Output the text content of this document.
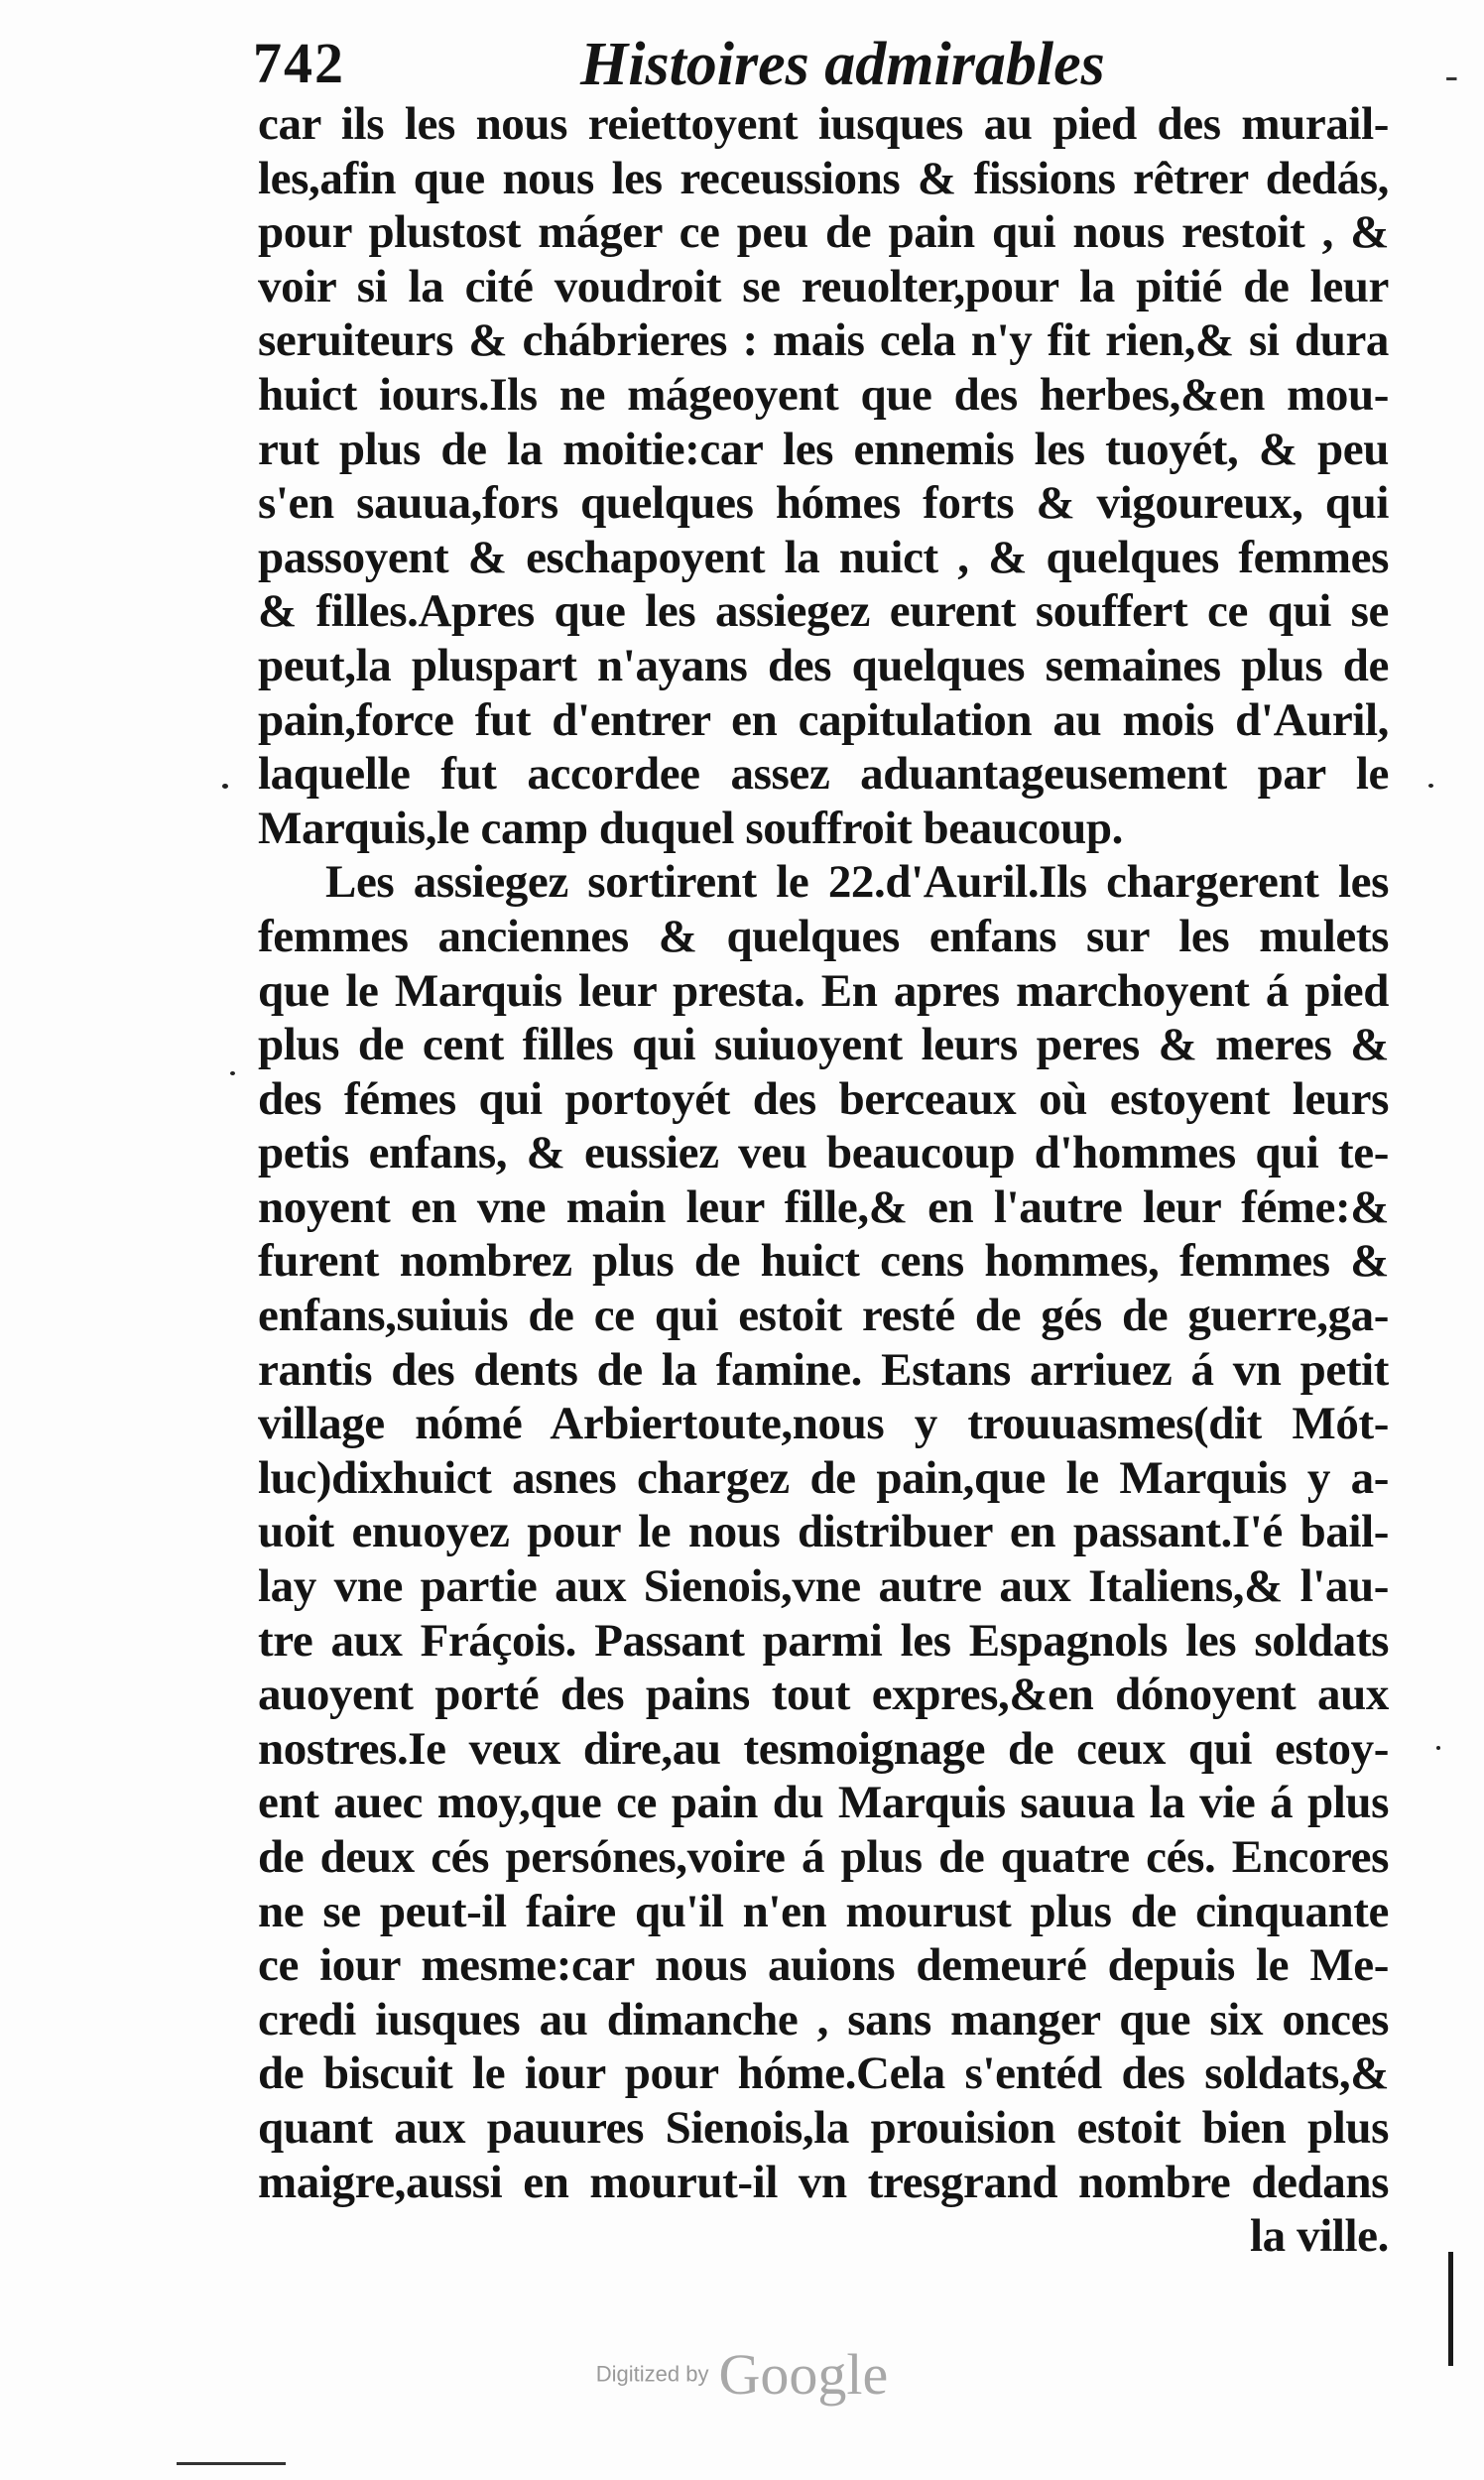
742	Histoires admirables	-
car ils les nous reiettoyent iusques au pied des murail-
les,afin que nous les receussions & fissions rêtrer dedás,
pour plustost máger ce peu de pain qui nous restoit , &
voir si la cité voudroit se reuolter,pour la pitié de leur
seruiteurs & chábrieres : mais cela n'y fit rien,& si dura
huict iours.Ils ne mágeoyent que des herbes,&en mou-
rut plus de la moitie:car les ennemis les tuoyét, & peu
s'en sauua,fors quelques hómes forts & vigoureux, qui
passoyent & eschapoyent la nuict , & quelques femmes
& filles.Apres que les assiegez eurent souffert ce qui se
peut,la pluspart n'ayans des quelques semaines plus de
pain,force fut d'entrer en capitulation au mois d'Auril,
laquelle fut accordee assez aduantageusement par le
Marquis,le camp duquel souffroit beaucoup.
Les assiegez sortirent le 22.d'Auril.Ils chargerent les
femmes anciennes & quelques enfans sur les mulets
que le Marquis leur presta. En apres marchoyent á pied
plus de cent filles qui suiuoyent leurs peres & meres &
des fémes qui portoyét des berceaux où estoyent leurs
petis enfans, & eussiez veu beaucoup d'hommes qui te-
noyent en vne main leur fille,& en l'autre leur féme:&
furent nombrez plus de huict cens hommes, femmes &
enfans,suiuis de ce qui estoit resté de gés de guerre,ga-
rantis des dents de la famine. Estans arriuez á vn petit
village nómé Arbiertoute,nous y trouuasmes(dit Mót-
luc)dixhuict asnes chargez de pain,que le Marquis y a-
uoit enuoyez pour le nous distribuer en passant.I'é bail-
lay vne partie aux Sienois,vne autre aux Italiens,& l'au-
tre aux Fráçois. Passant parmi les Espagnols les soldats
auoyent porté des pains tout expres,&en dónoyent aux
nostres.Ie veux dire,au tesmoignage de ceux qui estoy-
ent auec moy,que ce pain du Marquis sauua la vie á plus
de deux cés persónes,voire á plus de quatre cés. Encores
ne se peut-il faire qu'il n'en mourust plus de cinquante
ce iour mesme:car nous auions demeuré depuis le Me-
credi iusques au dimanche , sans manger que six onces
de biscuit le iour pour hóme.Cela s'entéd des soldats,&
quant aux pauures Sienois,la prouision estoit bien plus
maigre,aussi en mourut-il vn tresgrand nombre dedans
la ville.
Digitized by Google
